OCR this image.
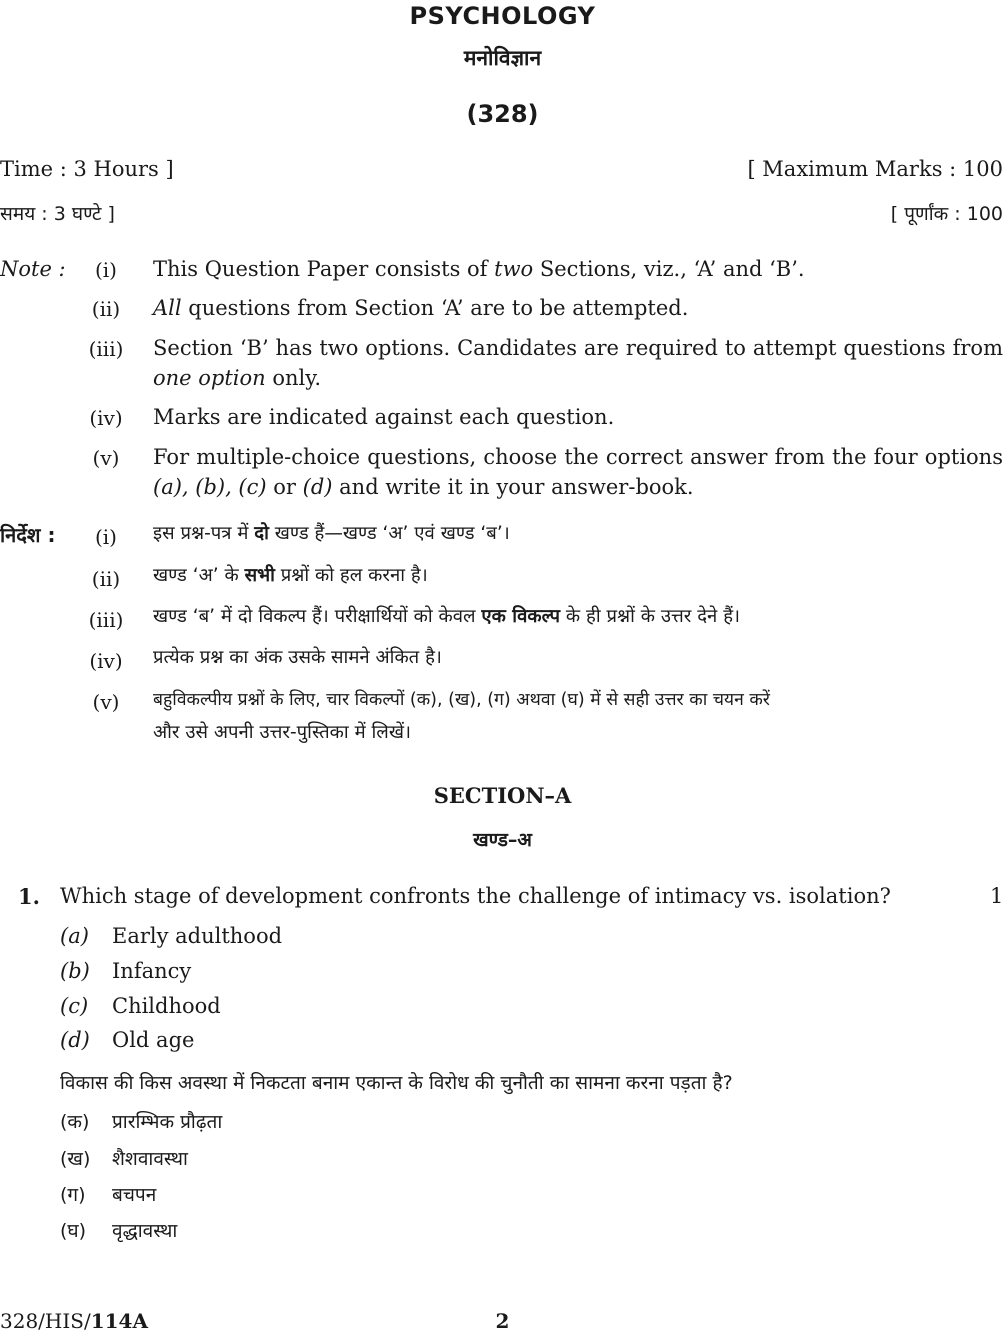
PSYCHOLOGY
मनोविज्ञान
(328)
Time : 3 Hours ]	[ Maximum Marks : 100
समय : 3 घण्टे ]	[ पूर्णांक : 100
Note :	(i)	This Question Paper consists of two Sections, viz., ‘A’ and ‘B’.
(ii)	All questions from Section ‘A’ are to be attempted.
(iii)	Section ‘B’ has two options. Candidates are required to attempt questions from one option only.
(iv)	Marks are indicated against each question.
(v)	For multiple-choice questions, choose the correct answer from the four options (a), (b), (c) or (d) and write it in your answer-book.
निर्देश :	(i)	इस प्रश्न-पत्र में दो खण्ड हैं—खण्ड ‘अ’ एवं खण्ड ‘ब’।
(ii)	खण्ड ‘अ’ के सभी प्रश्नों को हल करना है।
(iii)	खण्ड ‘ब’ में दो विकल्प हैं। परीक्षार्थियों को केवल एक विकल्प के ही प्रश्नों के उत्तर देने हैं।
(iv)	प्रत्येक प्रश्न का अंक उसके सामने अंकित है।
(v)	बहुविकल्पीय प्रश्नों के लिए, चार विकल्पों (क), (ख), (ग) अथवा (घ) में से सही उत्तर का चयन करें
और उसे अपनी उत्तर-पुस्तिका में लिखें।
SECTION–A
खण्ड–अ
1. Which stage of development confronts the challenge of intimacy vs. isolation?	1
(a) Early adulthood
(b) Infancy
(c) Childhood
(d) Old age
विकास की किस अवस्था में निकटता बनाम एकान्त के विरोध की चुनौती का सामना करना पड़ता है?
(क) प्रारम्भिक प्रौढ़ता
(ख) शैशवावस्था
(ग) बचपन
(घ) वृद्धावस्था
328/HIS/114A	2
